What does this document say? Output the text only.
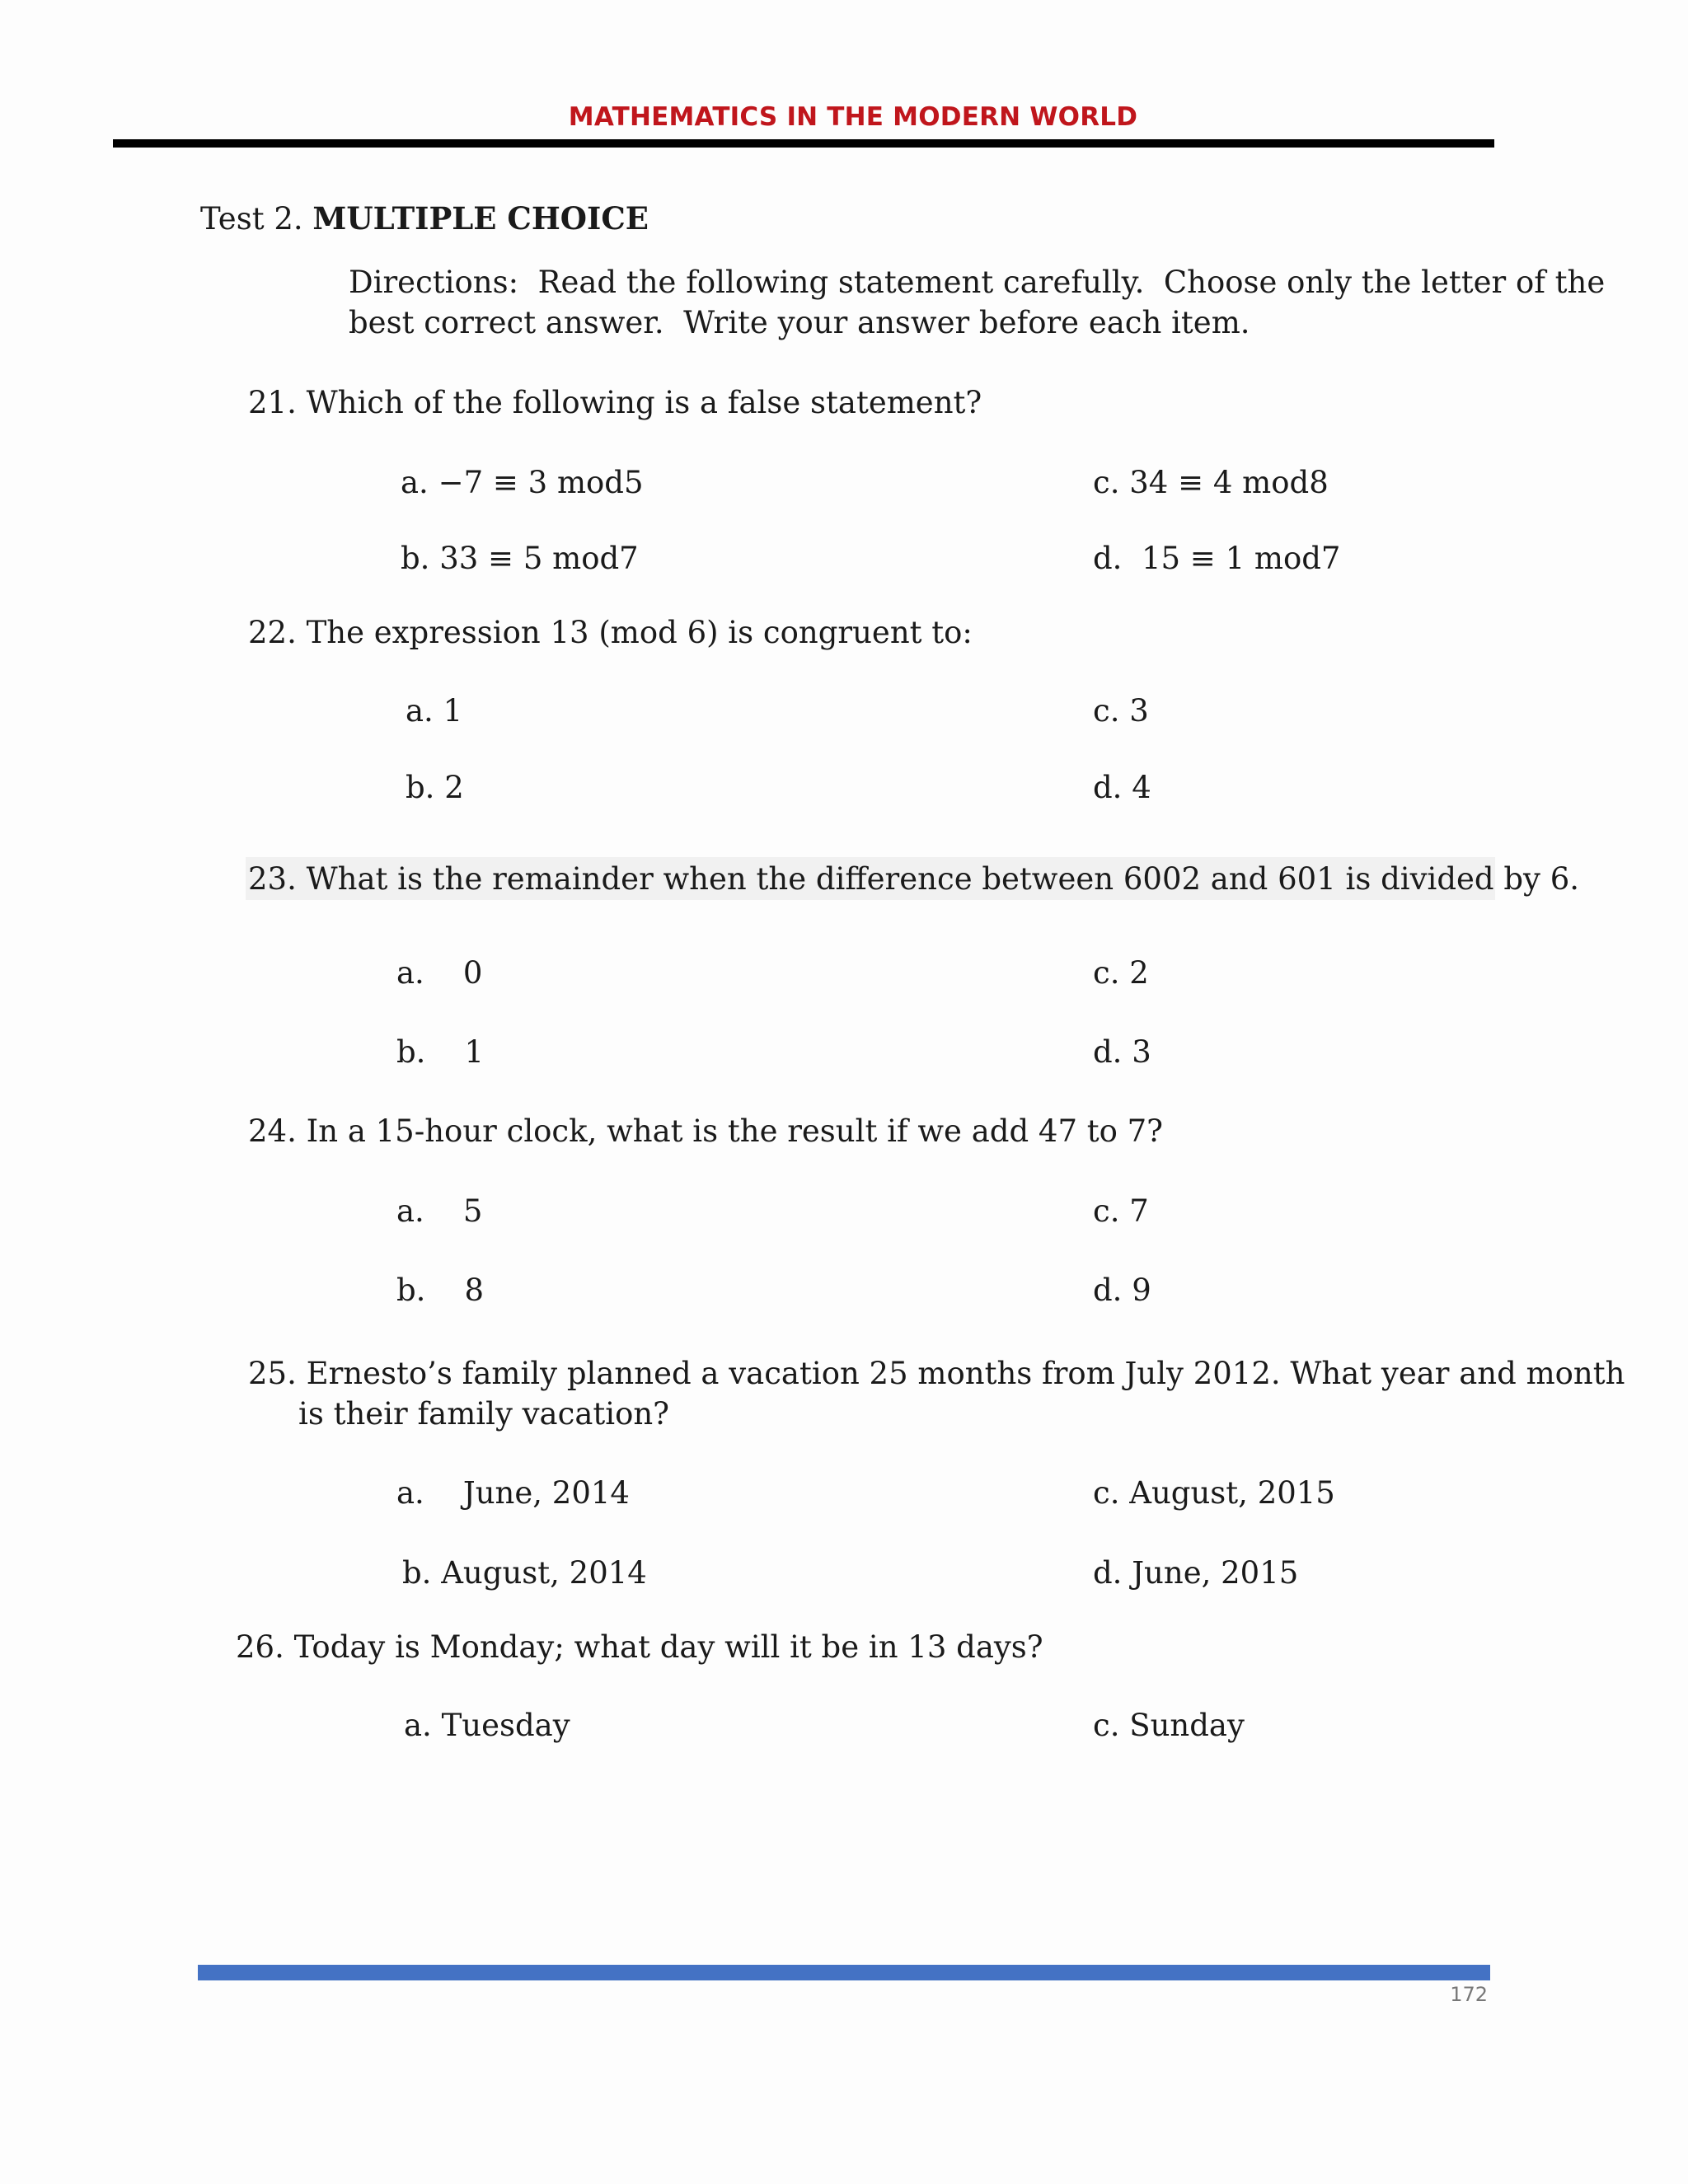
MATHEMATICS IN THE MODERN WORLD
Test 2. MULTIPLE CHOICE

Directions:  Read the following statement carefully.  Choose only the letter of the

best correct answer.  Write your answer before each item.

21. Which of the following is a false statement?
a. −7 ≡ 3 mod5
b. 33 ≡ 5 mod7
c. 34 ≡ 4 mod8
d.  15 ≡ 1 mod7
22. The expression 13 (mod 6) is congruent to:
a. 1
b. 2
c. 3
d. 4
23. What is the remainder when the difference between 6002 and 601 is divided by 6.
a.    0
b.    1
c. 2
d. 3
24. In a 15-hour clock, what is the result if we add 47 to 7?
a.    5
b.    8
c. 7
d. 9
25. Ernesto’s family planned a vacation 25 months from July 2012. What year and month
is their family vacation?
a.    June, 2014
b. August, 2014
c. August, 2015
d. June, 2015
26. Today is Monday; what day will it be in 13 days?
a. Tuesday	c. Sunday
172
